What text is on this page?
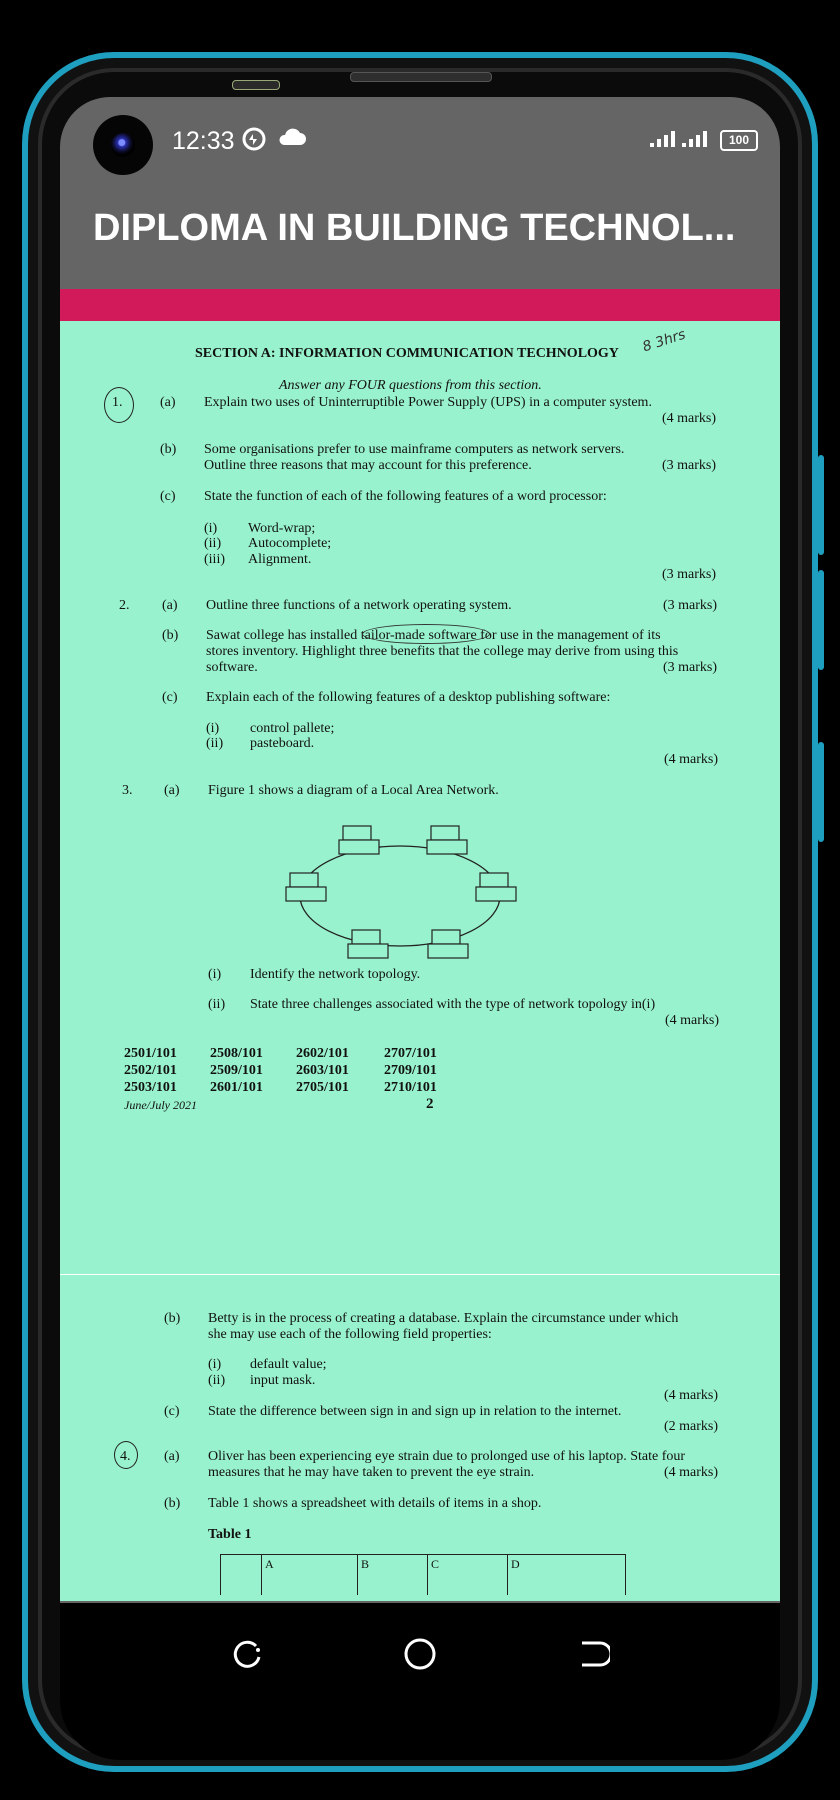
12:33	100
DIPLOMA IN BUILDING TECHNOL...
SECTION A: INFORMATION COMMUNICATION TECHNOLOGY 8 3hrs
Answer any FOUR questions from this section.
1.	(a) Explain two uses of Uninterruptible Power Supply (UPS) in a computer system.
(4 marks)
(b) Some organisations prefer to use mainframe computers as network servers.
Outline three reasons that may account for this preference.	(3 marks)
(c) State the function of each of the following features of a word processor:
(i) Word-wrap;
(ii) Autocomplete;
(iii) Alignment.
(3 marks)
2. (a) Outline three functions of a network operating system.	(3 marks)
(b) Sawat college has installed tailor-made software for use in the management of its
stores inventory. Highlight three benefits that the college may derive from using this
software.	(3 marks)
(c) Explain each of the following features of a desktop publishing software:
(i) control pallete;
(ii) pasteboard.
(4 marks)
3. (a) Figure 1 shows a diagram of a Local Area Network.
(i) Identify the network topology.
(ii) State three challenges associated with the type of network topology in(i)
(4 marks)
2501/101 2508/101 2602/101	2707/101
2502/101 2509/101 2603/101	2709/101
2503/101 2601/101 2705/101	2710/101
June/July 2021	2
(b) Betty is in the process of creating a database. Explain the circumstance under which
she may use each of the following field properties:
(i) default value;
(ii) input mask.
(4 marks)
(c) State the difference between sign in and sign up in relation to the internet.
(2 marks)
4. (a) Oliver has been experiencing eye strain due to prolonged use of his laptop. State four
measures that he may have taken to prevent the eye strain.	(4 marks)
(b) Table 1 shows a spreadsheet with details of items in a shop.
Table 1
A	B	C	D
